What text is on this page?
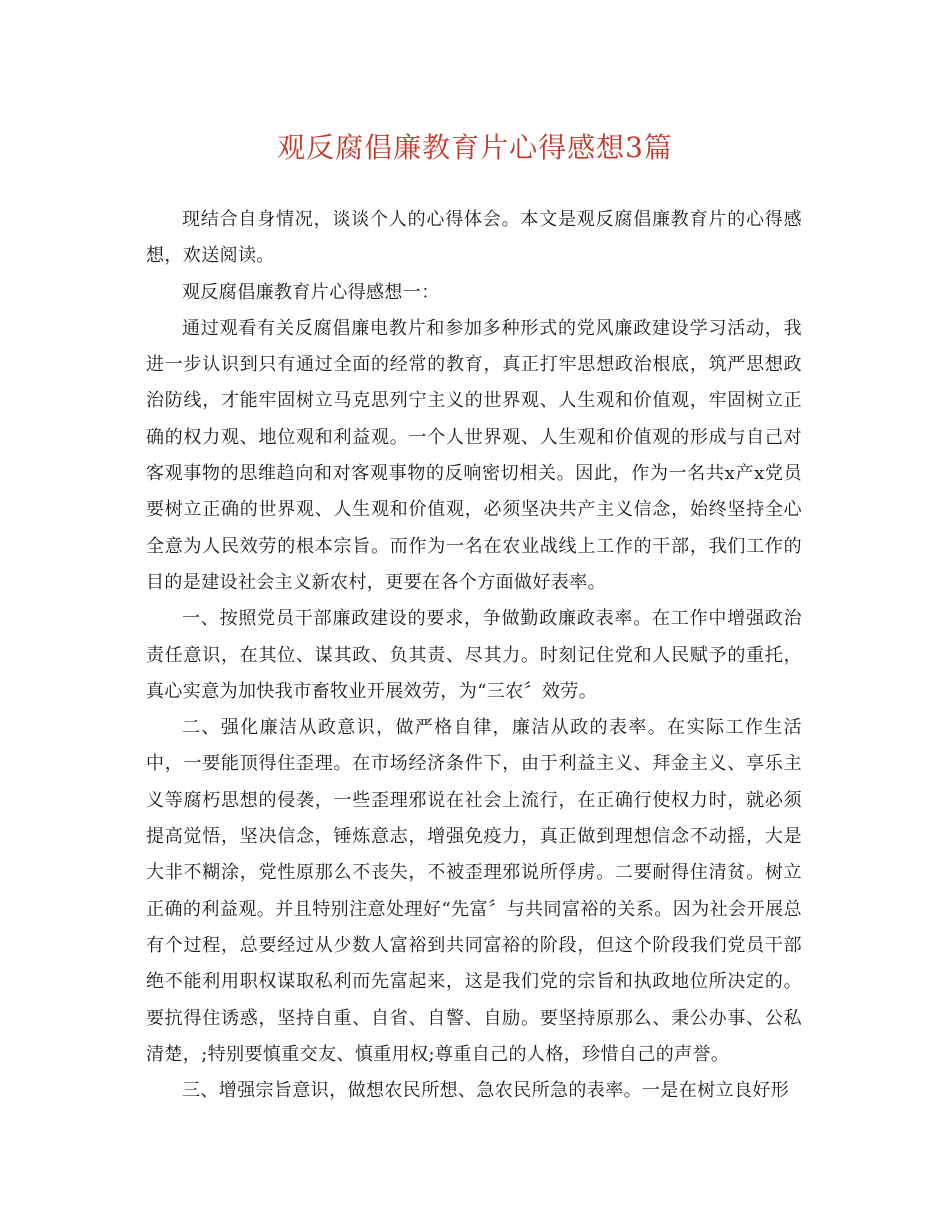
观反腐倡廉教育片心得感想3篇

现结合自身情况，谈谈个人的心得体会。本文是观反腐倡廉教育片的心得感想，欢送阅读。

观反腐倡廉教育片心得感想一：

通过观看有关反腐倡廉电教片和参加多种形式的党风廉政建设学习活动，我进一步认识到只有通过全面的经常的教育，真正打牢思想政治根底，筑严思想政治防线，才能牢固树立马克思列宁主义的世界观、人生观和价值观，牢固树立正确的权力观、地位观和利益观。一个人世界观、人生观和价值观的形成与自己对客观事物的思维趋向和对客观事物的反响密切相关。因此，作为一名共x产x党员要树立正确的世界观、人生观和价值观，必须坚决共产主义信念，始终坚持全心全意为人民效劳的根本宗旨。而作为一名在农业战线上工作的干部，我们工作的目的是建设社会主义新农村，更要在各个方面做好表率。

一、按照党员干部廉政建设的要求，争做勤政廉政表率。在工作中增强政治责任意识，在其位、谋其政、负其责、尽其力。时刻记住党和人民赋予的重托，真心实意为加快我市畜牧业开展效劳，为“三农〞效劳。

二、强化廉洁从政意识，做严格自律，廉洁从政的表率。在实际工作生活中，一要能顶得住歪理。在市场经济条件下，由于利益主义、拜金主义、享乐主义等腐朽思想的侵袭，一些歪理邪说在社会上流行，在正确行使权力时，就必须提高觉悟，坚决信念，锤炼意志，增强免疫力，真正做到理想信念不动摇，大是大非不糊涂，党性原那么不丧失，不被歪理邪说所俘虏。二要耐得住清贫。树立正确的利益观。并且特别注意处理好“先富〞与共同富裕的关系。因为社会开展总有个过程，总要经过从少数人富裕到共同富裕的阶段，但这个阶段我们党员干部绝不能利用职权谋取私利而先富起来，这是我们党的宗旨和执政地位所决定的。要抗得住诱惑，坚持自重、自省、自警、自励。要坚持原那么、秉公办事、公私清楚，;特别要慎重交友、慎重用权;尊重自己的人格，珍惜自己的声誉。

三、增强宗旨意识，做想农民所想、急农民所急的表率。一是在树立良好形
